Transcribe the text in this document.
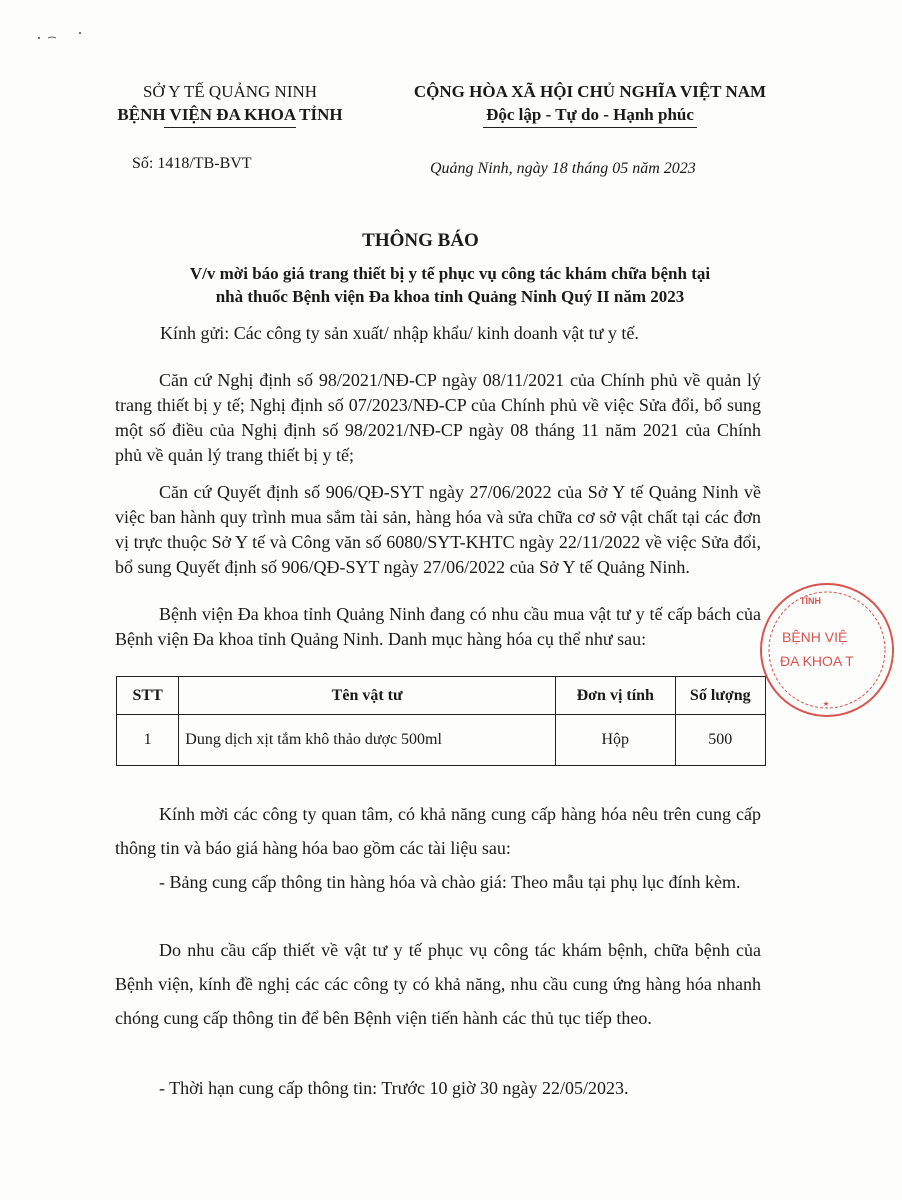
SỞ Y TẾ QUẢNG NINH
BỆNH VIỆN ĐA KHOA TỈNH
CỘNG HÒA XÃ HỘI CHỦ NGHĨA VIỆT NAM
Độc lập - Tự do - Hạnh phúc
Số: 1418/TB-BVT	Quảng Ninh, ngày 18 tháng 05 năm 2023
THÔNG BÁO
V/v mời báo giá trang thiết bị y tế phục vụ công tác khám chữa bệnh tại
nhà thuốc Bệnh viện Đa khoa tỉnh Quảng Ninh Quý II năm 2023
Kính gửi: Các công ty sản xuất/ nhập khẩu/ kinh doanh vật tư y tế.
Căn cứ Nghị định số 98/2021/NĐ-CP ngày 08/11/2021 của Chính phủ về quản lý trang thiết bị y tế; Nghị định số 07/2023/NĐ-CP của Chính phủ về việc Sửa đổi, bổ sung một số điều của Nghị định số 98/2021/NĐ-CP ngày 08 tháng 11 năm 2021 của Chính phủ về quản lý trang thiết bị y tế;
Căn cứ Quyết định số 906/QĐ-SYT ngày 27/06/2022 của Sở Y tế Quảng Ninh về việc ban hành quy trình mua sắm tài sản, hàng hóa và sửa chữa cơ sở vật chất tại các đơn vị trực thuộc Sở Y tế và Công văn số 6080/SYT-KHTC ngày 22/11/2022 về việc Sửa đổi, bổ sung Quyết định số 906/QĐ-SYT ngày 27/06/2022 của Sở Y tế Quảng Ninh.
Bệnh viện Đa khoa tỉnh Quảng Ninh đang có nhu cầu mua vật tư y tế cấp bách của Bệnh viện Đa khoa tỉnh Quảng Ninh. Danh mục hàng hóa cụ thể như sau:
STT	Tên vật tư	Đơn vị tính	Số lượng
1	Dung dịch xịt tắm khô thảo dược 500ml	Hộp	500
Kính mời các công ty quan tâm, có khả năng cung cấp hàng hóa nêu trên cung cấp thông tin và báo giá hàng hóa bao gồm các tài liệu sau:
- Bảng cung cấp thông tin hàng hóa và chào giá: Theo mẫu tại phụ lục đính kèm.
Do nhu cầu cấp thiết về vật tư y tế phục vụ công tác khám bệnh, chữa bệnh của Bệnh viện, kính đề nghị các các công ty có khả năng, nhu cầu cung ứng hàng hóa nhanh chóng cung cấp thông tin để bên Bệnh viện tiến hành các thủ tục tiếp theo.
- Thời hạn cung cấp thông tin: Trước 10 giờ 30 ngày 22/05/2023.
TỈNH
BỆNH VIỆ
ĐA KHOA T
